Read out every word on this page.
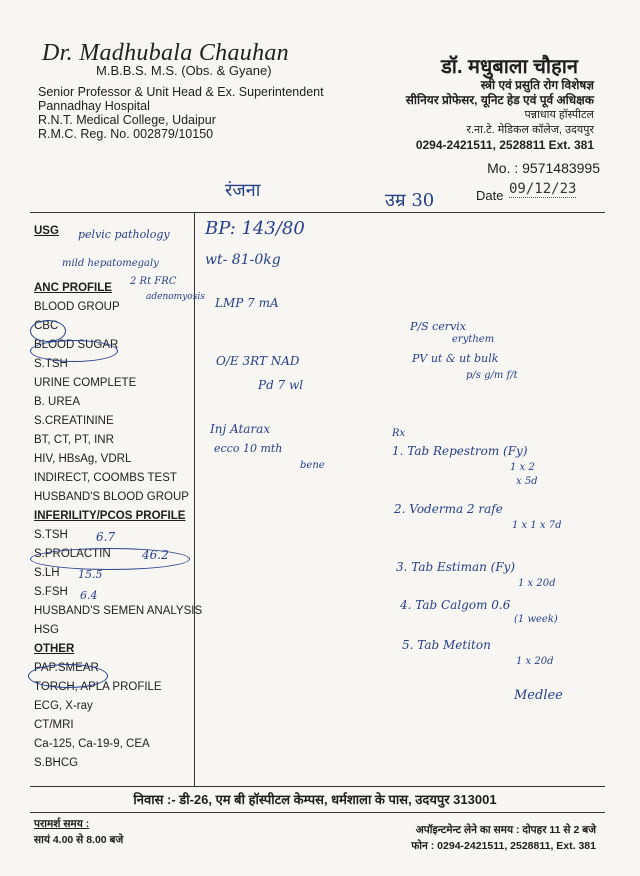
Dr. Madhubala Chauhan
M.B.B.S. M.S. (Obs. & Gyane)
Senior Professor & Unit Head & Ex. Superintendent
Pannadhay Hospital
R.N.T. Medical College, Udaipur
R.M.C. Reg. No. 002879/10150
डॉ. मधुबाला चौहान
स्त्री एवं प्रसुति रोग विशेषज्ञ
सीनियर प्रोफेसर, यूनिट हेड एवं पूर्व अधिक्षक
पन्नाधाय हॉस्पीटल
र.ना.टे. मेडिकल कॉलेज, उदयपुर
0294-2421511, 2528811 Ext. 381
Mo. : 9571483995
रंजना	उम्र 30	Date 09/12/23
USG
ANC PROFILE
BLOOD GROUP
CBC
BLOOD SUGAR
S.TSH
URINE COMPLETE
B. UREA
S.CREATININE
BT, CT, PT, INR
HIV, HBsAg, VDRL
INDIRECT, COOMBS TEST
HUSBAND'S BLOOD GROUP
INFERILITY/PCOS PROFILE
S.TSH
S.PROLACTIN
S.LH
S.FSH
HUSBAND'S SEMEN ANALYSIS
HSG
OTHER
PAP.SMEAR
TORCH, APLA PROFILE
ECG, X-ray
CT/MRI
Ca-125, Ca-19-9, CEA
S.BHCG
pelvic pathology
mild hepatomegaly
2 Rt FRC
adenomyosis
6.7
46.2
15.5
6.4
BP: 143/80
wt- 81-0kg
LMP 7 mA
O/E 3RT NAD
Pd 7 wl
Inj Atarax
ecco 10 mth
bene
P/S cervix
erythem
PV ut & ut bulk
p/s g/m f/t
Rx
1. Tab Repestrom (Fy)
1 x 2
x 5d
2. Voderma 2 rafe
1 x 1 x 7d
3. Tab Estiman (Fy)
1 x 20d
4. Tab Calgom 0.6
(1 week)
5. Tab Metiton
1 x 20d
Medlee
निवास :- डी-26, एम बी हॉस्पीटल केम्पस, धर्मशाला के पास, उदयपुर 313001
परामर्श समय :
सायं 4.00 से 8.00 बजे
अपॉइन्टमेन्ट लेने का समय : दोपहर 11 से 2 बजे
फोन : 0294-2421511, 2528811, Ext. 381
